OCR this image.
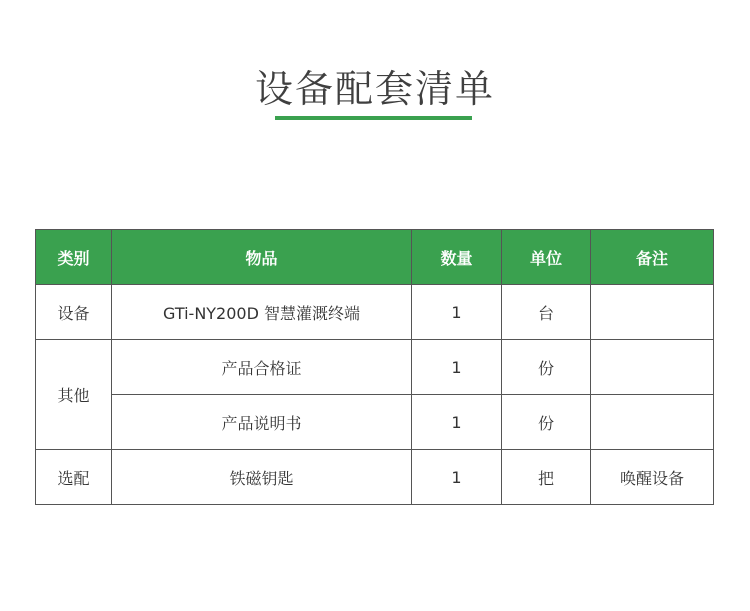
设备配套清单
类别	物品	数量	单位	备注
设备	GTi-NY200D 智慧灌溉终端	1	台	
其他	产品合格证	1	份	
	产品说明书	1	份	
选配	铁磁钥匙	1	把	唤醒设备
